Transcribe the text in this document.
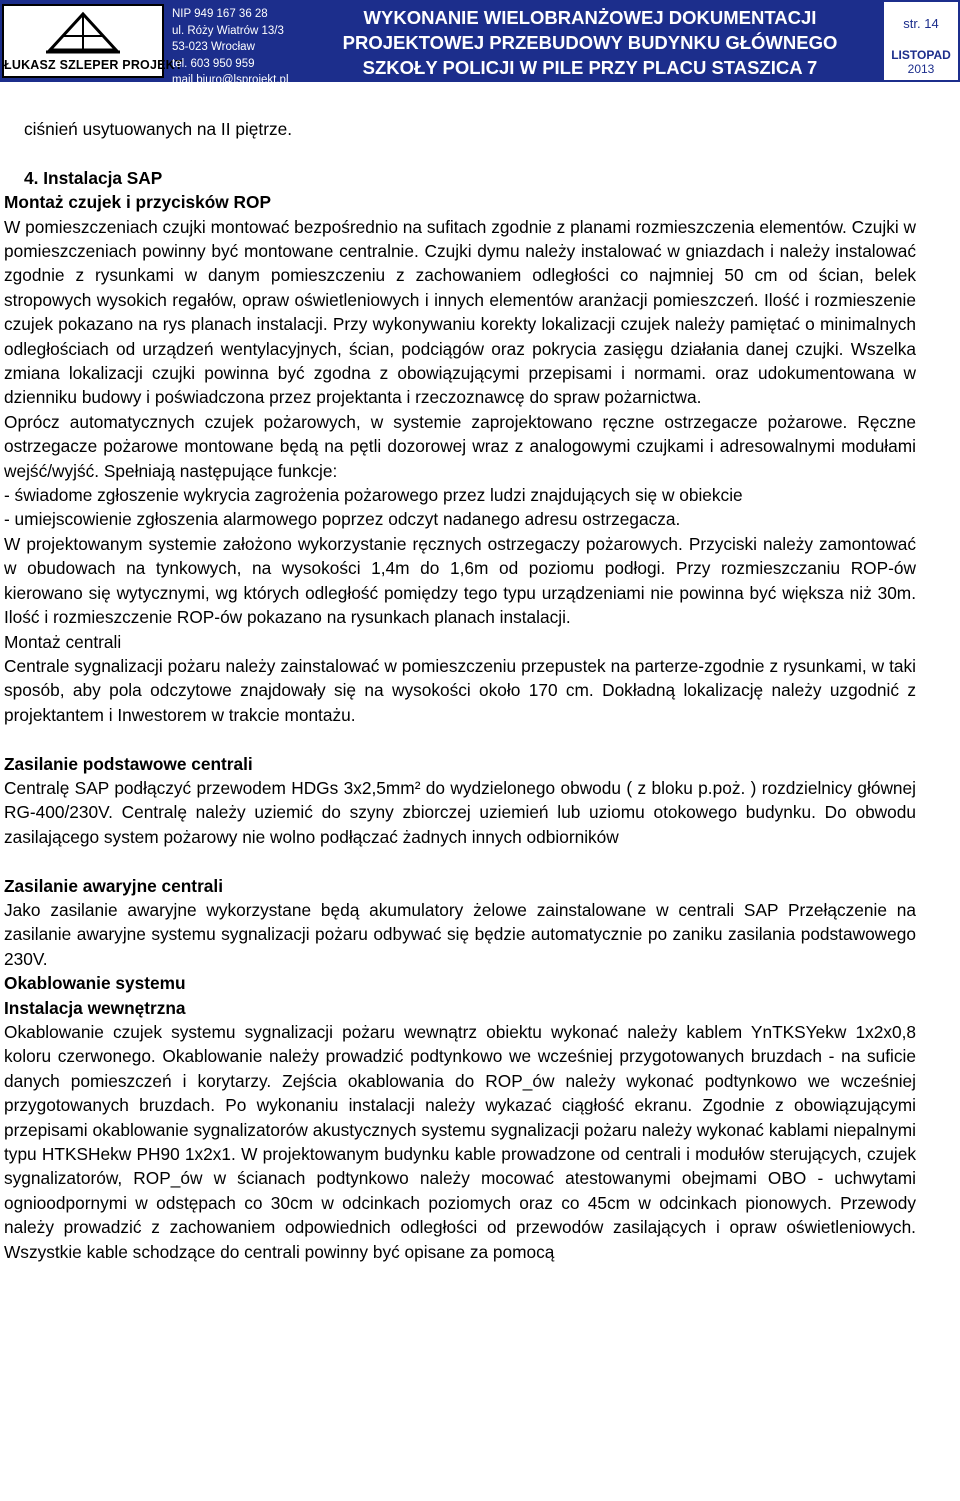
ŁUKASZ SZLEPER PROJEKT
NIP 949 167 36 28
ul. Róży Wiatrów 13/3
53-023 Wrocław
tel. 603 950 959
mail biuro@lsprojekt.pl
WYKONANIE WIELOBRANŻOWEJ DOKUMENTACJI
PROJEKTOWEJ PRZEBUDOWY BUDYNKU GŁÓWNEGO
SZKOŁY POLICJI W PILE PRZY PLACU STASZICA 7
str. 14
LISTOPAD
2013

ciśnień usytuowanych na II piętrze.

4. Instalacja SAP

Montaż czujek i przycisków ROP

W pomieszczeniach czujki montować bezpośrednio na sufitach zgodnie z planami rozmieszczenia elementów. Czujki w pomieszczeniach powinny być montowane centralnie. Czujki dymu należy instalować w gniazdach i należy instalować zgodnie z rysunkami w danym pomieszczeniu z zachowaniem odległości co najmniej 50 cm od ścian, belek stropowych wysokich regałów, opraw oświetleniowych i innych elementów aranżacji pomieszczeń. Ilość i rozmieszenie czujek pokazano na rys planach instalacji. Przy wykonywaniu korekty lokalizacji czujek należy pamiętać o minimalnych odległościach od urządzeń wentylacyjnych, ścian, podciągów oraz pokrycia zasięgu działania danej czujki. Wszelka zmiana lokalizacji czujki powinna być zgodna z obowiązującymi przepisami i normami. oraz udokumentowana w dzienniku budowy i poświadczona przez projektanta i rzeczoznawcę do spraw pożarnictwa.

Oprócz automatycznych czujek pożarowych, w systemie zaprojektowano ręczne ostrzegacze pożarowe. Ręczne ostrzegacze pożarowe montowane będą na pętli dozorowej wraz z analogowymi czujkami i adresowalnymi modułami wejść/wyjść. Spełniają następujące funkcje:

- świadome zgłoszenie wykrycia zagrożenia pożarowego przez ludzi znajdujących się w obiekcie

- umiejscowienie zgłoszenia alarmowego poprzez odczyt nadanego adresu ostrzegacza.

W projektowanym systemie założono wykorzystanie ręcznych ostrzegaczy pożarowych. Przyciski należy zamontować w obudowach na tynkowych, na wysokości 1,4m do 1,6m od poziomu podłogi. Przy rozmieszczaniu ROP-ów kierowano się wytycznymi, wg których odległość pomiędzy tego typu urządzeniami nie powinna być większa niż 30m. Ilość i rozmieszczenie ROP-ów pokazano na rysunkach planach instalacji.

Montaż centrali

Centrale sygnalizacji pożaru należy zainstalować w pomieszczeniu przepustek na parterze-zgodnie z rysunkami, w taki sposób, aby pola odczytowe znajdowały się na wysokości około 170 cm. Dokładną lokalizację należy uzgodnić z projektantem i Inwestorem w trakcie montażu.

Zasilanie podstawowe centrali

Centralę SAP podłączyć przewodem HDGs 3x2,5mm² do wydzielonego obwodu ( z bloku p.poż. ) rozdzielnicy głównej RG-400/230V. Centralę należy uziemić do szyny zbiorczej uziemień lub uziomu otokowego budynku. Do obwodu zasilającego system pożarowy nie wolno podłączać żadnych innych odbiorników

Zasilanie awaryjne centrali

Jako zasilanie awaryjne wykorzystane będą akumulatory żelowe zainstalowane w centrali SAP Przełączenie na zasilanie awaryjne systemu sygnalizacji pożaru odbywać się będzie automatycznie po zaniku zasilania podstawowego 230V.

Okablowanie systemu

Instalacja wewnętrzna

Okablowanie czujek systemu sygnalizacji pożaru wewnątrz obiektu wykonać należy kablem YnTKSYekw 1x2x0,8 koloru czerwonego. Okablowanie należy prowadzić podtynkowo we wcześniej przygotowanych bruzdach - na suficie danych pomieszczeń i korytarzy. Zejścia okablowania do ROP_ów należy wykonać podtynkowo we wcześniej przygotowanych bruzdach. Po wykonaniu instalacji należy wykazać ciągłość ekranu. Zgodnie z obowiązującymi przepisami okablowanie sygnalizatorów akustycznych systemu sygnalizacji pożaru należy wykonać kablami niepalnymi typu HTKSHekw PH90 1x2x1. W projektowanym budynku kable prowadzone od centrali i modułów sterujących, czujek sygnalizatorów, ROP_ów w ścianach podtynkowo należy mocować atestowanymi obejmami OBO - uchwytami ognioodpornymi w odstępach co 30cm w odcinkach poziomych oraz co 45cm w odcinkach pionowych. Przewody należy prowadzić z zachowaniem odpowiednich odległości od przewodów zasilających i opraw oświetleniowych. Wszystkie kable schodzące do centrali powinny być opisane za pomocą
